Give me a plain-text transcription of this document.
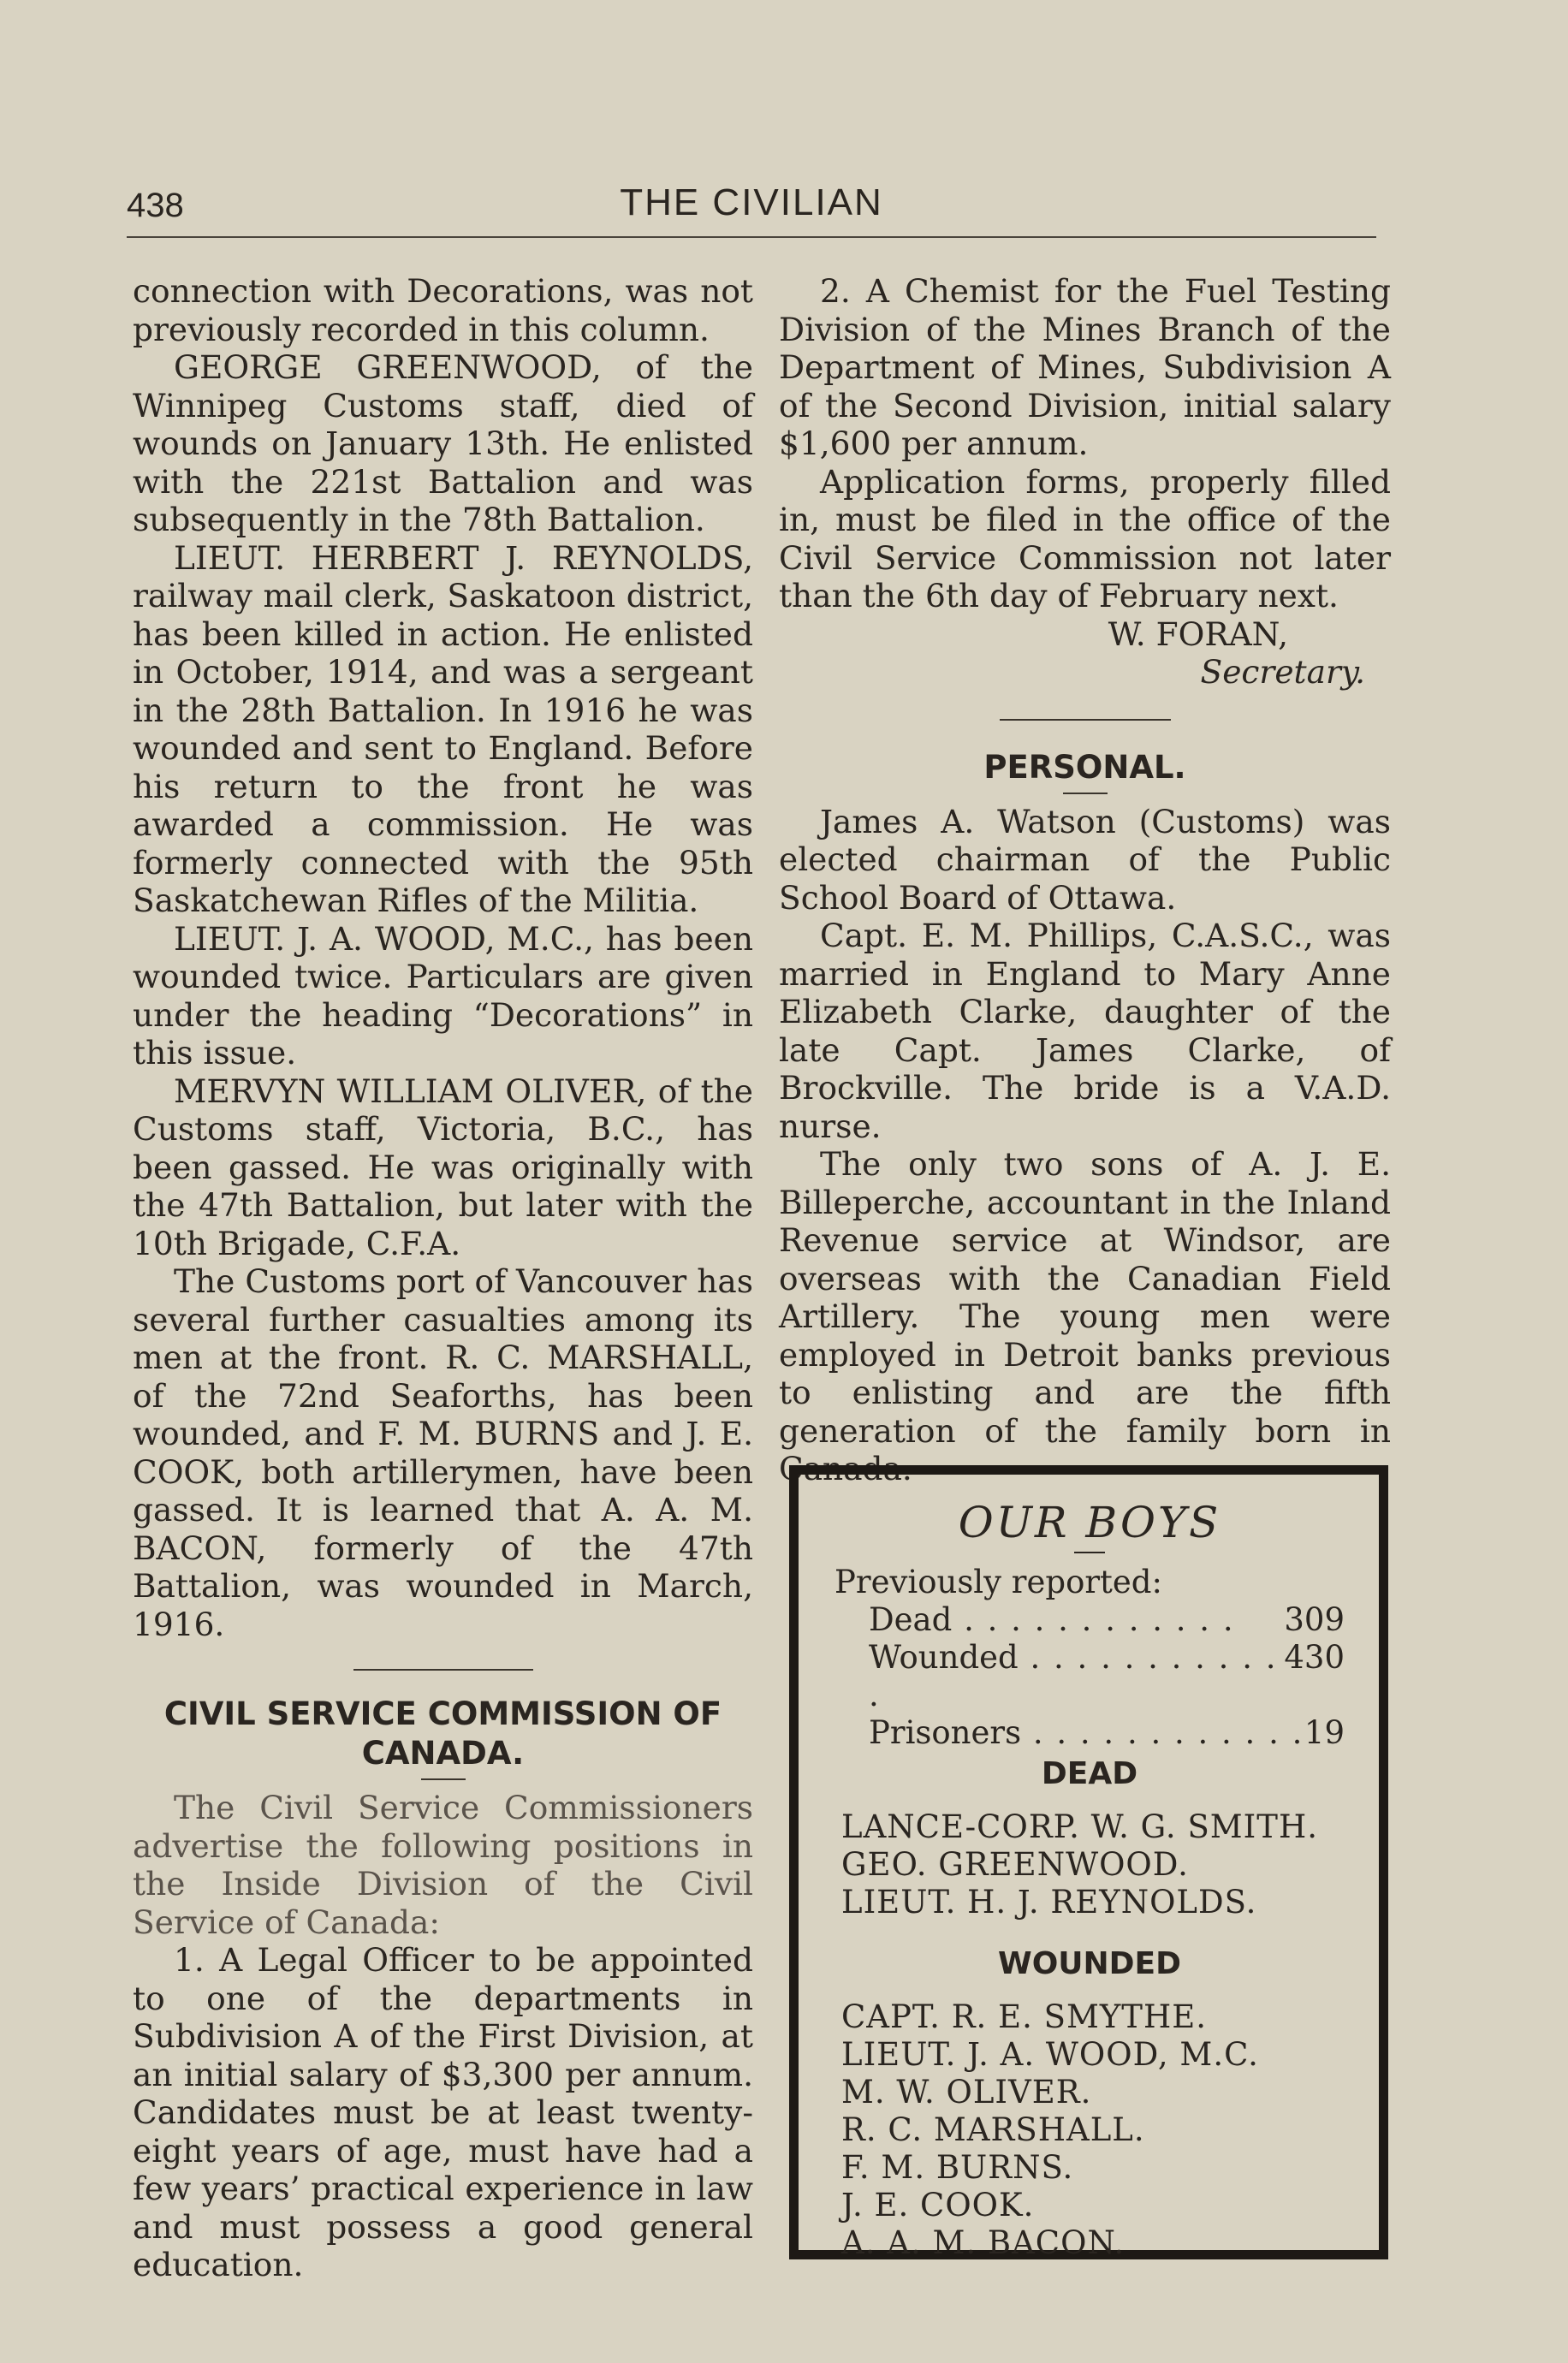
438	THE CIVILIAN

connection with Decorations, was not previously recorded in this column.

GEORGE GREENWOOD, of the Winnipeg Customs staff, died of wounds on January 13th. He enlisted with the 221st Battalion and was subsequently in the 78th Battalion.

LIEUT. HERBERT J. REYNOLDS, railway mail clerk, Saskatoon district, has been killed in action. He enlisted in October, 1914, and was a sergeant in the 28th Battalion. In 1916 he was wounded and sent to England. Before his return to the front he was awarded a commission. He was formerly connected with the 95th Saskatchewan Rifles of the Militia.

LIEUT. J. A. WOOD, M.C., has been wounded twice. Particulars are given under the heading “Decorations” in this issue.

MERVYN WILLIAM OLIVER, of the Customs staff, Victoria, B.C., has been gassed. He was originally with the 47th Battalion, but later with the 10th Brigade, C.F.A.

The Customs port of Vancouver has several further casualties among its men at the front. R. C. MARSHALL, of the 72nd Seaforths, has been wounded, and F. M. BURNS and J. E. COOK, both artillerymen, have been gassed. It is learned that A. A. M. BACON, formerly of the 47th Battalion, was wounded in March, 1916.

CIVIL SERVICE COMMISSION OF CANADA.

The Civil Service Commissioners advertise the following positions in the Inside Division of the Civil Service of Canada:

1. A Legal Officer to be appointed to one of the departments in Subdivision A of the First Division, at an initial salary of $3,300 per annum. Candidates must be at least twenty-eight years of age, must have had a few years’ practical experience in law and must possess a good general education.

2. A Chemist for the Fuel Testing Division of the Mines Branch of the Department of Mines, Subdivision A of the Second Division, initial salary $1,600 per annum.

Application forms, properly filled in, must be filed in the office of the Civil Service Commission not later than the 6th day of February next.

W. FORAN,

Secretary.

PERSONAL.

James A. Watson (Customs) was elected chairman of the Public School Board of Ottawa.

Capt. E. M. Phillips, C.A.S.C., was married in England to Mary Anne Elizabeth Clarke, daughter of the late Capt. James Clarke, of Brockville. The bride is a V.A.D. nurse.

The only two sons of A. J. E. Billeperche, accountant in the Inland Revenue service at Windsor, are overseas with the Canadian Field Artillery. The young men were employed in Detroit banks previous to enlisting and are the fifth generation of the family born in Canada.

OUR BOYS

Previously reported:

Dead . . .	309
Wounded . . .	430
Prisoners . . .	19

DEAD

LANCE-CORP. W. G. SMITH.

GEO. GREENWOOD.

LIEUT. H. J. REYNOLDS.

WOUNDED

CAPT. R. E. SMYTHE.

LIEUT. J. A. WOOD, M.C.

M. W. OLIVER.

R. C. MARSHALL.

F. M. BURNS.

J. E. COOK.

A. A. M. BACON.
